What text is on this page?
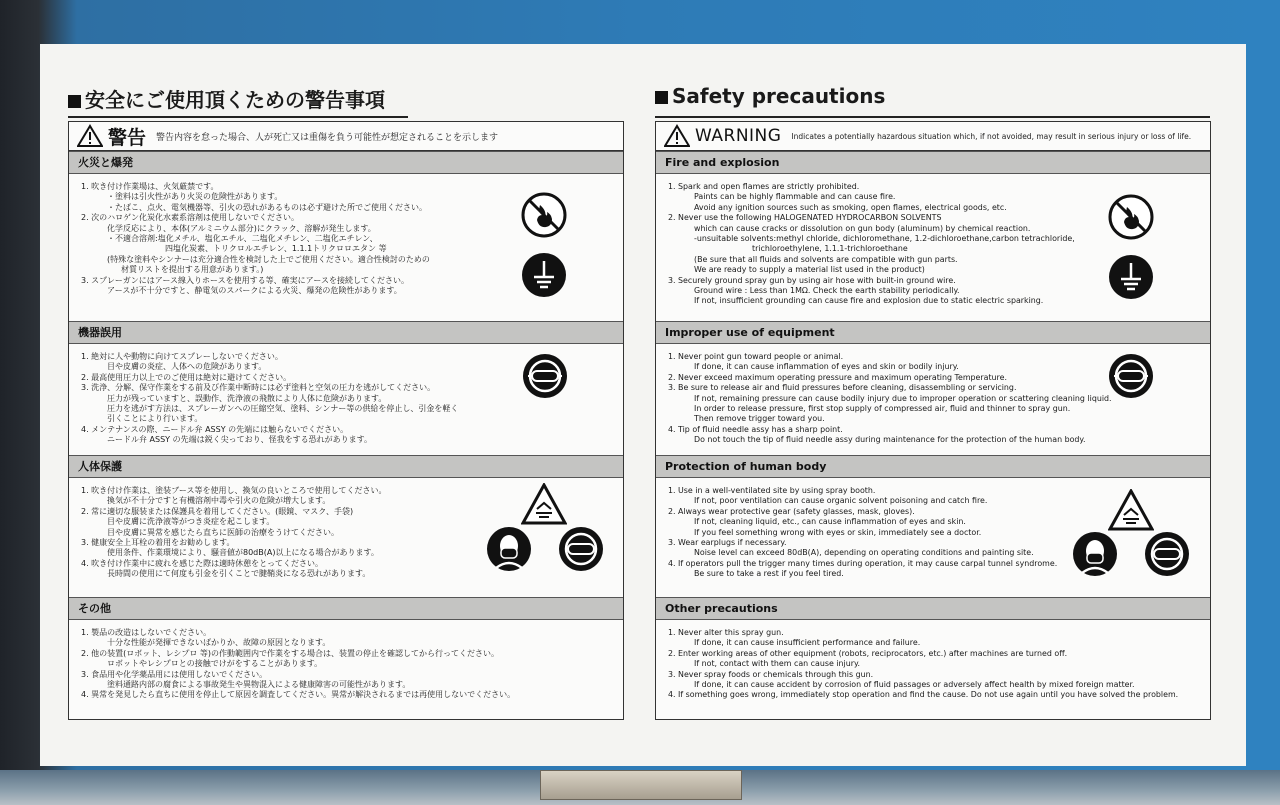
安全にご使用頂くための警告事項	Safety precautions
警告 警告内容を怠った場合、人が死亡又は重傷を負う可能性が想定されることを示します
火災と爆発
1. 吹き付け作業場は、火気厳禁です。
・塗料は引火性があり火災の危険性があります。
・たばこ、点火、電気機器等、引火の恐れがあるものは必ず避けた所でご使用ください。
2. 次のハロゲン化炭化水素系溶剤は使用しないでください。
化学反応により、本体(アルミニウム部分)にクラック、溶解が発生します。
・不適合溶剤:塩化メチル、塩化エチル、二塩化メチレン、二塩化エチレン、
四塩化炭素、トリクロルエチレン、1.1.1トリクロロエタン 等
(特殊な塗料やシンナーは充分適合性を検討した上でご使用ください。適合性検討のための
材質リストを提出する用意があります。)
3. スプレーガンにはアース線入りホースを使用する等、確実にアースを接続してください。
アースが不十分ですと、静電気のスパークによる火災、爆発の危険性があります。
機器誤用
1. 絶対に人や動物に向けてスプレーしないでください。
目や皮膚の炎症、人体への危険があります。
2. 最高使用圧力以上でのご使用は絶対に避けてください。
3. 洗浄、分解、保守作業をする前及び作業中断時には必ず塗料と空気の圧力を逃がしてください。
圧力が残っていますと、誤動作、洗浄液の飛散により人体に危険があります。
圧力を逃がす方法は、スプレーガンへの圧縮空気、塗料、シンナー等の供給を停止し、引金を軽く
引くことにより行います。
4. メンテナンスの際、ニードル弁 ASSY の先端には触らないでください。
ニードル弁 ASSY の先端は鋭く尖っており、怪我をする恐れがあります。
人体保護
1. 吹き付け作業は、塗装ブース等を使用し、換気の良いところで使用してください。
換気が不十分ですと有機溶剤中毒や引火の危険が増大します。
2. 常に適切な服装または保護具を着用してください。(眼鏡、マスク、手袋)
目や皮膚に洗浄液等がつき炎症を起こします。
目や皮膚に異常を感じたら直ちに医師の治療をうけてください。
3. 健康安全上耳栓の着用をお勧めします。
使用条件、作業環境により、騒音値が80dB(A)以上になる場合があります。
4. 吹き付け作業中に疲れを感じた際は適時休憩をとってください。
長時間の使用にて何度も引金を引くことで腱鞘炎になる恐れがあります。
その他
1. 製品の改造はしないでください。
十分な性能が発揮できないばかりか、故障の原因となります。
2. 他の装置(ロボット、レシプロ 等)の作動範囲内で作業をする場合は、装置の停止を確認してから行ってください。
ロボットやレシプロとの接触でけがをすることがあります。
3. 食品用や化学薬品用には使用しないでください。
塗料通路内部の腐食による事故発生や異物混入による健康障害の可能性があります。
4. 異常を発見したら直ちに使用を停止して原因を調査してください。異常が解決されるまでは再使用しないでください。
WARNING Indicates a potentially hazardous situation which, if not avoided, may result in serious injury or loss of life.
Fire and explosion
1. Spark and open flames are strictly prohibited.
Paints can be highly flammable and can cause fire.
Avoid any ignition sources such as smoking, open flames, electrical goods, etc.
2. Never use the following HALOGENATED HYDROCARBON SOLVENTS
which can cause cracks or dissolution on gun body (aluminum) by chemical reaction.
-unsuitable solvents:methyl chloride, dichloromethane, 1.2-dichloroethane,carbon tetrachloride,
trichloroethylene, 1.1.1-trichloroethane
(Be sure that all fluids and solvents are compatible with gun parts.
We are ready to supply a material list used in the product)
3. Securely ground spray gun by using air hose with built-in ground wire.
Ground wire : Less than 1MΩ. Check the earth stability periodically.
If not, insufficient grounding can cause fire and explosion due to static electric sparking.
Improper use of equipment
1. Never point gun toward people or animal.
If done, it can cause inflammation of eyes and skin or bodily injury.
2. Never exceed maximum operating pressure and maximum operating Temperature.
3. Be sure to release air and fluid pressures before cleaning, disassembling or servicing.
If not, remaining pressure can cause bodily injury due to improper operation or scattering cleaning liquid.
In order to release pressure, first stop supply of compressed air, fluid and thinner to spray gun.
Then remove trigger toward you.
4. Tip of fluid needle assy has a sharp point.
Do not touch the tip of fluid needle assy during maintenance for the protection of the human body.
Protection of human body
1. Use in a well-ventilated site by using spray booth.
If not, poor ventilation can cause organic solvent poisoning and catch fire.
2. Always wear protective gear (safety glasses, mask, gloves).
If not, cleaning liquid, etc., can cause inflammation of eyes and skin.
If you feel something wrong with eyes or skin, immediately see a doctor.
3. Wear earplugs if necessary.
Noise level can exceed 80dB(A), depending on operating conditions and painting site.
4. If operators pull the trigger many times during operation, it may cause carpal tunnel syndrome.
Be sure to take a rest if you feel tired.
Other precautions
1. Never alter this spray gun.
If done, it can cause insufficient performance and failure.
2. Enter working areas of other equipment (robots, reciprocators, etc.) after machines are turned off.
If not, contact with them can cause injury.
3. Never spray foods or chemicals through this gun.
If done, it can cause accident by corrosion of fluid passages or adversely affect health by mixed foreign matter.
4. If something goes wrong, immediately stop operation and find the cause. Do not use again until you have solved the problem.
